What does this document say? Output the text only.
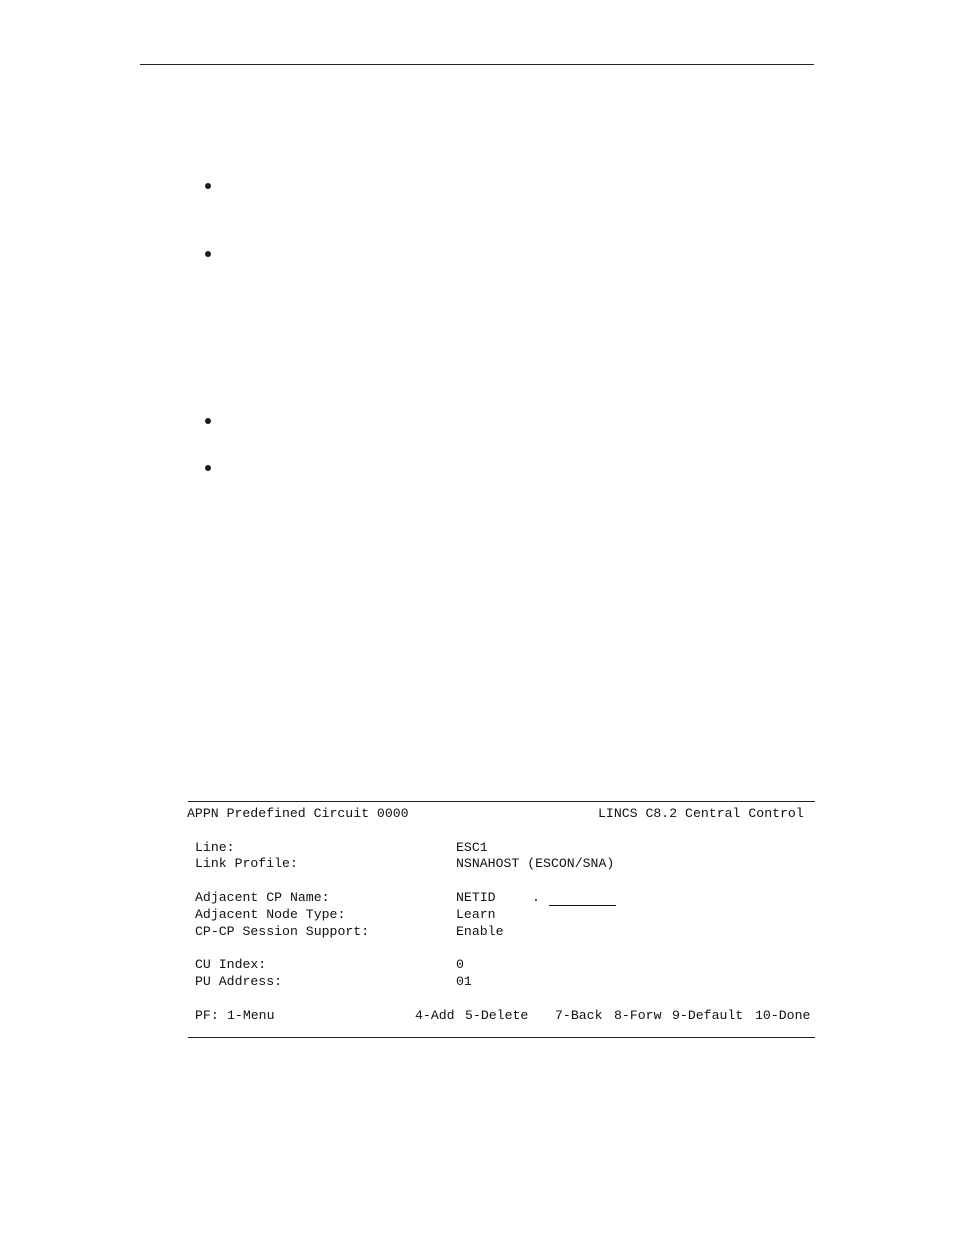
APPN Predefined Circuit 0000	LINCS C8.2 Central Control
Line:	ESC1
Link Profile:	NSNAHOST (ESCON/SNA)
Adjacent CP Name:	NETID	.
Adjacent Node Type:	Learn
CP-CP Session Support:	Enable
CU Index:	0
PU Address:	01
PF: 1-Menu	4-Add 5-Delete 7-Back 8-Forw 9-Default 10-Done
